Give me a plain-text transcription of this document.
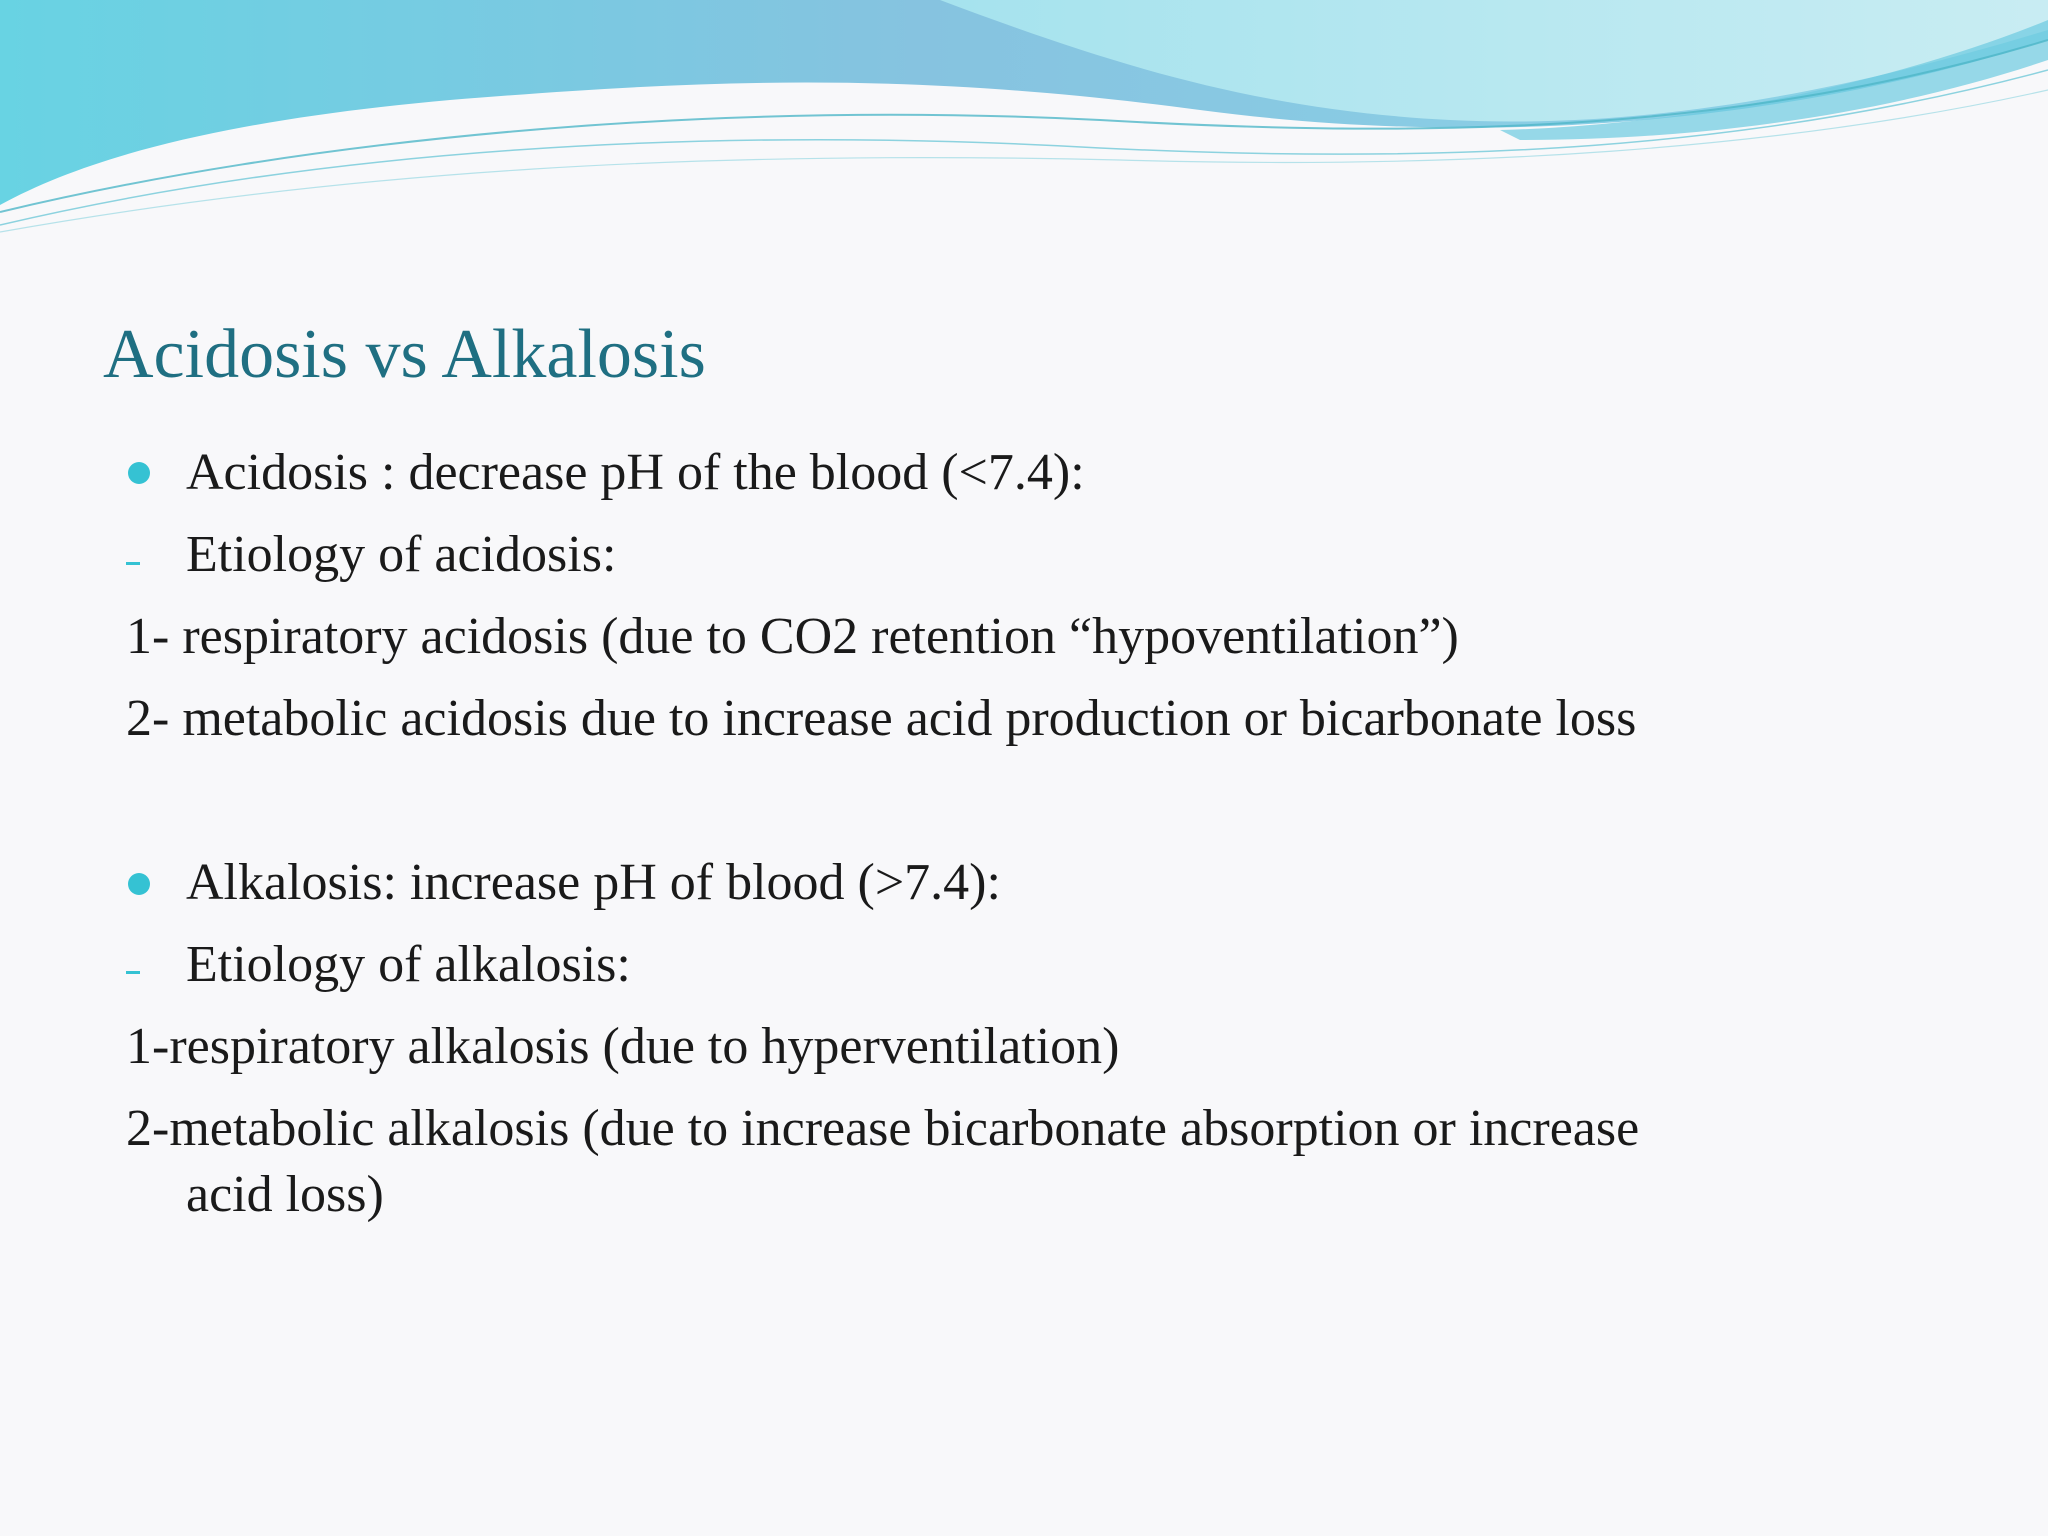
Acidosis vs Alkalosis
Acidosis : decrease pH of the blood (<7.4):
Etiology of acidosis:
1- respiratory acidosis (due to CO2 retention “hypoventilation”)
2- metabolic acidosis due to increase acid production or bicarbonate loss
Alkalosis: increase pH of blood (>7.4):
Etiology of alkalosis:
1-respiratory alkalosis (due to hyperventilation)
2-metabolic alkalosis (due to increase bicarbonate absorption or increase
acid loss)
